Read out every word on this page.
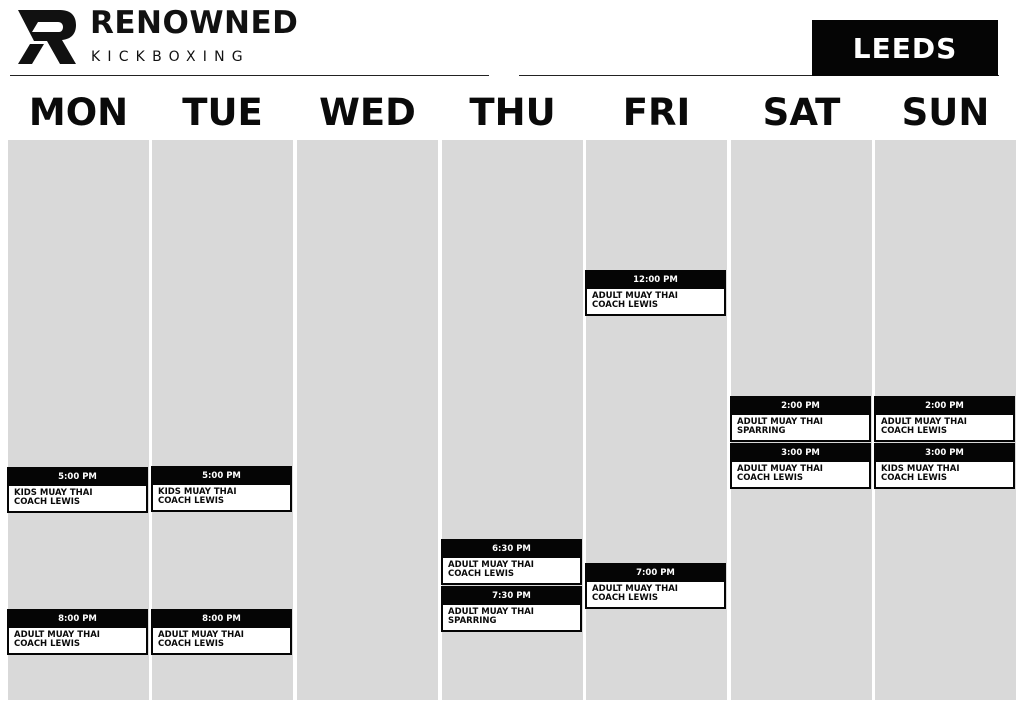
RENOWNED
KICKBOXING	LEEDS
MON
5:00 PM
KIDS MUAY THAI
COACH LEWIS
8:00 PM
ADULT MUAY THAI
COACH LEWIS
TUE
5:00 PM
KIDS MUAY THAI
COACH LEWIS
8:00 PM
ADULT MUAY THAI
COACH LEWIS
WED	THU
6:30 PM
ADULT MUAY THAI
COACH LEWIS
7:30 PM
ADULT MUAY THAI
SPARRING
FRI
12:00 PM
ADULT MUAY THAI
COACH LEWIS
7:00 PM
ADULT MUAY THAI
COACH LEWIS
SAT
2:00 PM
ADULT MUAY THAI
SPARRING
3:00 PM
ADULT MUAY THAI
COACH LEWIS
SUN
2:00 PM
ADULT MUAY THAI
COACH LEWIS
3:00 PM
KIDS MUAY THAI
COACH LEWIS
